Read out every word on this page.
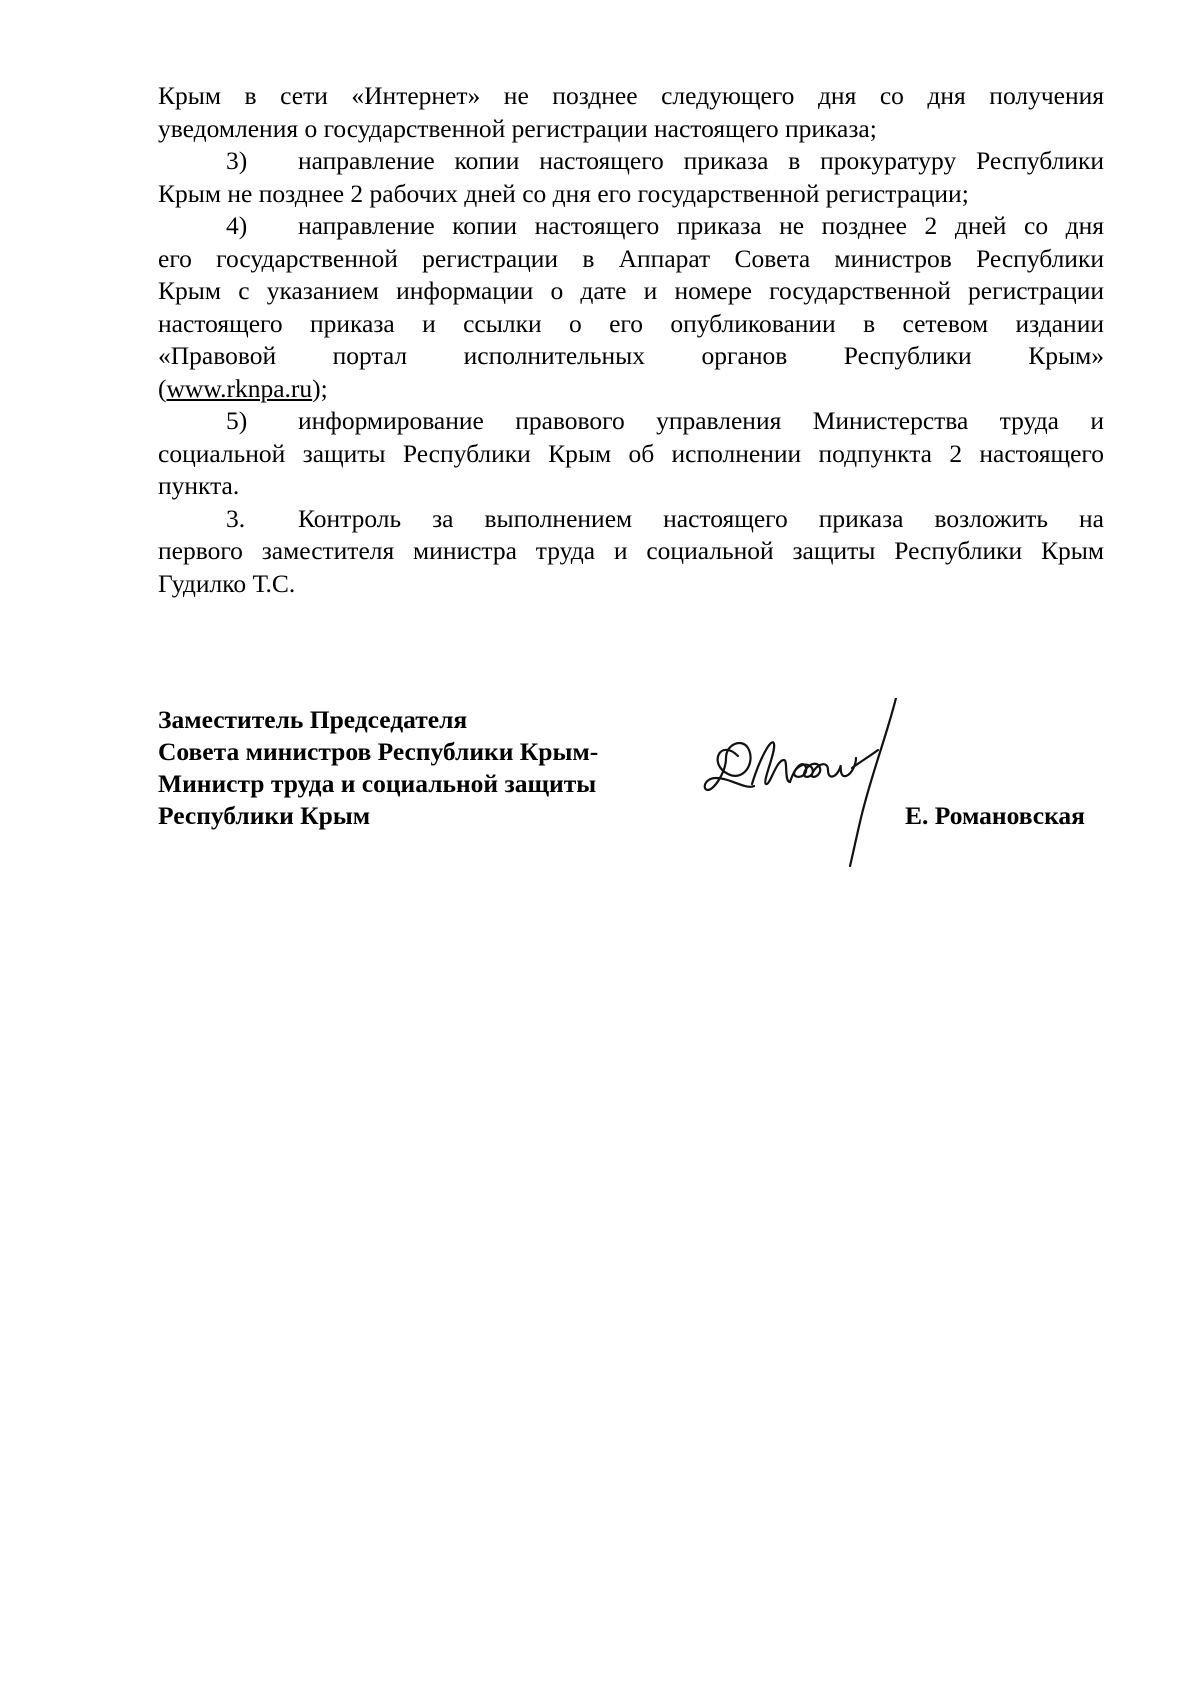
Крым в сети «Интернет» не позднее следующего дня со дня получения
уведомления о государственной регистрации настоящего приказа;

3) направление копии настоящего приказа в прокуратуру Республики
Крым не позднее 2 рабочих дней со дня его государственной регистрации;

4) направление копии настоящего приказа не позднее 2 дней со дня
его государственной регистрации в Аппарат Совета министров Республики
Крым с указанием информации о дате и номере государственной регистрации
настоящего приказа и ссылки о его опубликовании в сетевом издании
«Правовой портал исполнительных органов Республики Крым»
(www.rknpa.ru);

5) информирование правового управления Министерства труда и
социальной защиты Республики Крым об исполнении подпункта 2 настоящего
пункта.

3. Контроль за выполнением настоящего приказа возложить на
первого заместителя министра труда и социальной защиты Республики Крым
Гудилко Т.С.

Заместитель Председателя
Совета министров Республики Крым-
Министр труда и социальной защиты
Республики Крым	Е. Романовская
